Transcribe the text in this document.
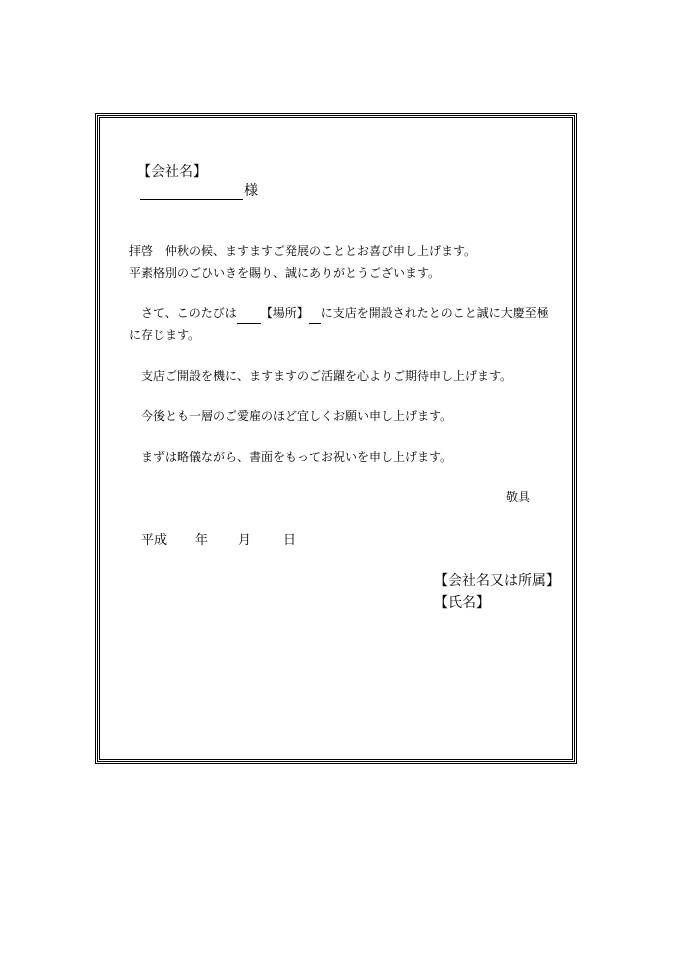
【会社名】
様
拝啓　仲秋の候、ますますご発展のこととお喜び申し上げます。
平素格別のごひいきを賜り、誠にありがとうございます。
　さて、このたびは 【場所】 に支店を開設されたとのこと誠に大慶至極
に存じます。
　支店ご開設を機に、ますますのご活躍を心よりご期待申し上げます。
　今後とも一層のご愛雇のほど宜しくお願い申し上げます。
　まずは略儀ながら、書面をもってお祝いを申し上げます。
敬具
平成 年 月 日
【会社名又は所属】
【氏名】
